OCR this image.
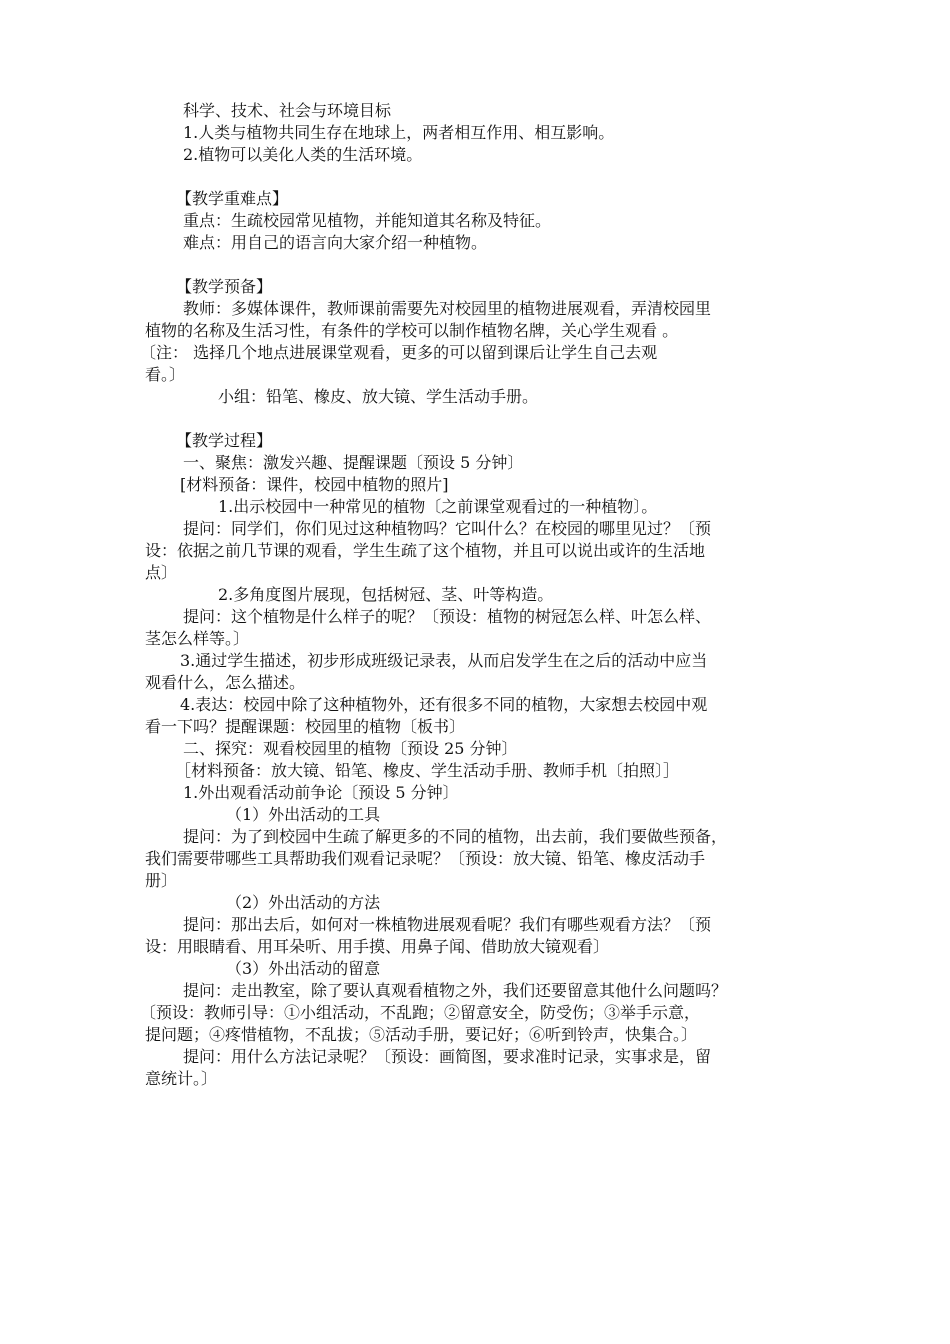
科学、技术、社会与环境目标
1.人类与植物共同生存在地球上，两者相互作用、相互影响。
2.植物可以美化人类的生活环境。
【教学重难点】
重点：生疏校园常见植物，并能知道其名称及特征。
难点：用自己的语言向大家介绍一种植物。
【教学预备】
教师：多媒体课件，教师课前需要先对校园里的植物进展观看，弄清校园里
植物的名称及生活习性，有条件的学校可以制作植物名牌，关心学生观看 。
〔注： 选择几个地点进展课堂观看，更多的可以留到课后让学生自己去观
看。〕
小组：铅笔、橡皮、放大镜、学生活动手册。
【教学过程】
一、聚焦：激发兴趣、提醒课题〔预设 5 分钟〕
[材料预备：课件，校园中植物的照片]
1.出示校园中一种常见的植物〔之前课堂观看过的一种植物〕。
提问：同学们，你们见过这种植物吗？它叫什么？在校园的哪里见过？〔预
设：依据之前几节课的观看，学生生疏了这个植物，并且可以说出或许的生活地
点〕
2.多角度图片展现，包括树冠、茎、叶等构造。
提问：这个植物是什么样子的呢？〔预设：植物的树冠怎么样、叶怎么样、
茎怎么样等。〕
3.通过学生描述，初步形成班级记录表，从而启发学生在之后的活动中应当
观看什么，怎么描述。
4.表达：校园中除了这种植物外，还有很多不同的植物，大家想去校园中观
看一下吗？提醒课题：校园里的植物〔板书〕
二、探究：观看校园里的植物〔预设 25 分钟〕
［材料预备：放大镜、铅笔、橡皮、学生活动手册、教师手机〔拍照〕］
1.外出观看活动前争论〔预设 5 分钟〕
（1）外出活动的工具
提问：为了到校园中生疏了解更多的不同的植物，出去前，我们要做些预备，
我们需要带哪些工具帮助我们观看记录呢？〔预设：放大镜、铅笔、橡皮活动手
册〕
（2）外出活动的方法
提问：那出去后，如何对一株植物进展观看呢？我们有哪些观看方法？〔预
设：用眼睛看、用耳朵听、用手摸、用鼻子闻、借助放大镜观看〕
（3）外出活动的留意
提问：走出教室，除了要认真观看植物之外，我们还要留意其他什么问题吗？
〔预设：教师引导：①小组活动，不乱跑；②留意安全，防受伤；③举手示意，
提问题；④疼惜植物，不乱拔；⑤活动手册，要记好；⑥听到铃声，快集合。〕
提问：用什么方法记录呢？〔预设：画简图，要求准时记录，实事求是，留
意统计。〕
